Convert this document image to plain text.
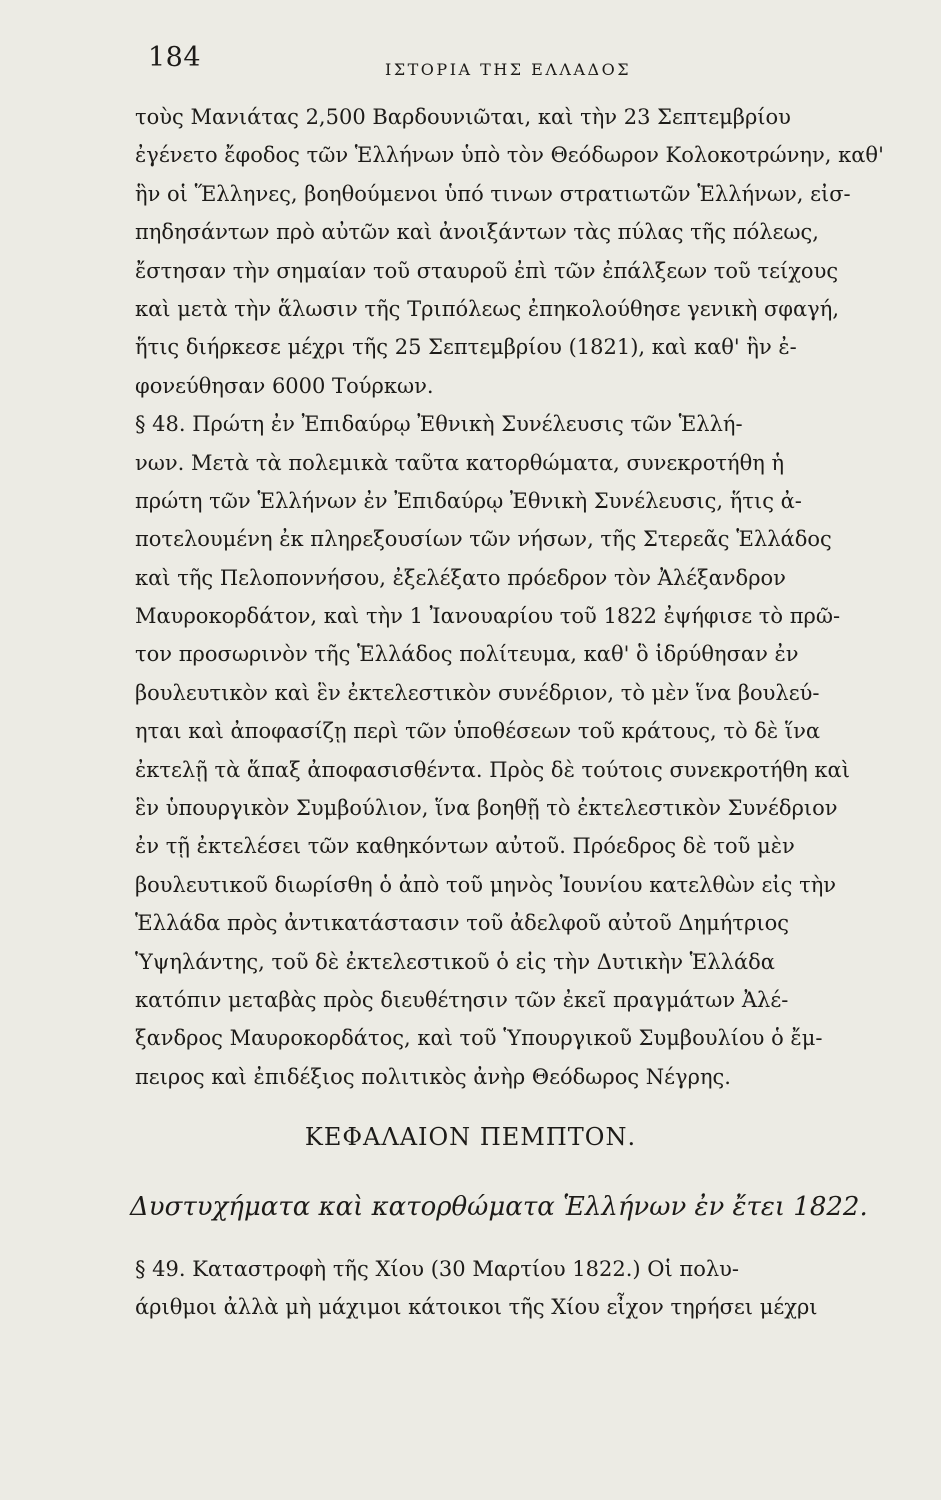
184	ΙΣΤΟΡΙΑ ΤΗΣ ΕΛΛΑΔΟΣ
τοὺς Μανιάτας 2,500 Βαρδουνιῶται, καὶ τὴν 23 Σεπτεμβρίου
ἐγένετο ἔφοδος τῶν Ἑλλήνων ὑπὸ τὸν Θεόδωρον Κολοκοτρώνην, καθ'
ἣν οἱ Ἕλληνες, βοηθούμενοι ὑπό τινων στρατιωτῶν Ἑλλήνων, εἰσ-
πηδησάντων πρὸ αὐτῶν καὶ ἀνοιξάντων τὰς πύλας τῆς πόλεως,
ἔστησαν τὴν σημαίαν τοῦ σταυροῦ ἐπὶ τῶν ἐπάλξεων τοῦ τείχους
καὶ μετὰ τὴν ἅλωσιν τῆς Τριπόλεως ἐπηκολούθησε γενικὴ σφαγή,
ἥτις διήρκεσε μέχρι τῆς 25 Σεπτεμβρίου (1821), καὶ καθ' ἣν ἐ-
φονεύθησαν 6000 Τούρκων.
§ 48. Πρώτη ἐν Ἐπιδαύρῳ Ἐθνικὴ Συνέλευσις τῶν Ἑλλή-
νων. Μετὰ τὰ πολεμικὰ ταῦτα κατορθώματα, συνεκροτήθη ἡ
πρώτη τῶν Ἑλλήνων ἐν Ἐπιδαύρῳ Ἐθνικὴ Συνέλευσις, ἥτις ἀ-
ποτελουμένη ἐκ πληρεξουσίων τῶν νήσων, τῆς Στερεᾶς Ἑλλάδος
καὶ τῆς Πελοποννήσου, ἐξελέξατο πρόεδρον τὸν Ἀλέξανδρον
Μαυροκορδάτον, καὶ τὴν 1 Ἰανουαρίου τοῦ 1822 ἐψήφισε τὸ πρῶ-
τον προσωρινὸν τῆς Ἑλλάδος πολίτευμα, καθ' ὃ ἱδρύθησαν ἐν
βουλευτικὸν καὶ ἓν ἐκτελεστικὸν συνέδριον, τὸ μὲν ἵνα βουλεύ-
ηται καὶ ἀποφασίζῃ περὶ τῶν ὑποθέσεων τοῦ κράτους, τὸ δὲ ἵνα
ἐκτελῇ τὰ ἅπαξ ἀποφασισθέντα. Πρὸς δὲ τούτοις συνεκροτήθη καὶ
ἓν ὑπουργικὸν Συμβούλιον, ἵνα βοηθῇ τὸ ἐκτελεστικὸν Συνέδριον
ἐν τῇ ἐκτελέσει τῶν καθηκόντων αὐτοῦ. Πρόεδρος δὲ τοῦ μὲν
βουλευτικοῦ διωρίσθη ὁ ἀπὸ τοῦ μηνὸς Ἰουνίου κατελθὼν εἰς τὴν
Ἑλλάδα πρὸς ἀντικατάστασιν τοῦ ἀδελφοῦ αὐτοῦ Δημήτριος
Ὑψηλάντης, τοῦ δὲ ἐκτελεστικοῦ ὁ εἰς τὴν Δυτικὴν Ἑλλάδα
κατόπιν μεταβὰς πρὸς διευθέτησιν τῶν ἐκεῖ πραγμάτων Ἀλέ-
ξανδρος Μαυροκορδάτος, καὶ τοῦ Ὑπουργικοῦ Συμβουλίου ὁ ἔμ-
πειρος καὶ ἐπιδέξιος πολιτικὸς ἀνὴρ Θεόδωρος Νέγρης.
ΚΕΦΑΛΑΙΟΝ ΠΕΜΠΤΟΝ.
Δυστυχήματα καὶ κατορθώματα Ἑλλήνων ἐν ἔτει 1822.
§ 49. Καταστροφὴ τῆς Χίου (30 Μαρτίου 1822.) Οἱ πολυ-
άριθμοι ἀλλὰ μὴ μάχιμοι κάτοικοι τῆς Χίου εἶχον τηρήσει μέχρι
